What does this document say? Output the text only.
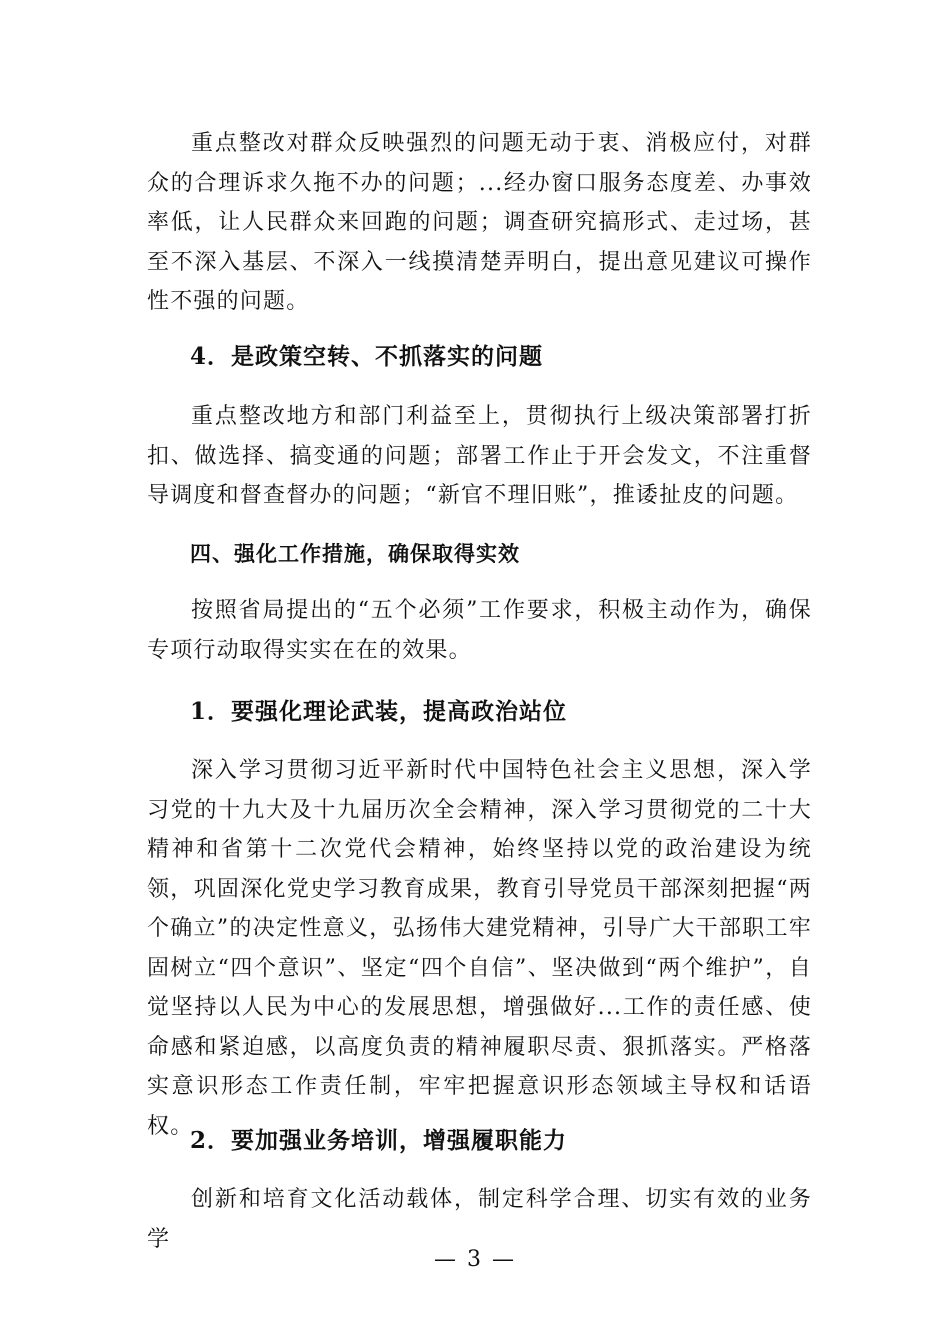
重点整改对群众反映强烈的问题无动于衷、消极应付，对群众的合理诉求久拖不办的问题；...经办窗口服务态度差、办事效率低，让人民群众来回跑的问题；调查研究搞形式、走过场，甚至不深入基层、不深入一线摸清楚弄明白，提出意见建议可操作性不强的问题。

4．是政策空转、不抓落实的问题

重点整改地方和部门利益至上，贯彻执行上级决策部署打折扣、做选择、搞变通的问题；部署工作止于开会发文，不注重督导调度和督查督办的问题；“新官不理旧账”，推诿扯皮的问题。

四、强化工作措施，确保取得实效

按照省局提出的“五个必须”工作要求，积极主动作为，确保专项行动取得实实在在的效果。

1．要强化理论武装，提高政治站位

深入学习贯彻习近平新时代中国特色社会主义思想，深入学习党的十九大及十九届历次全会精神，深入学习贯彻党的二十大精神和省第十二次党代会精神，始终坚持以党的政治建设为统领，巩固深化党史学习教育成果，教育引导党员干部深刻把握“两个确立”的决定性意义，弘扬伟大建党精神，引导广大干部职工牢固树立“四个意识”、坚定“四个自信”、坚决做到“两个维护”，自觉坚持以人民为中心的发展思想，增强做好...工作的责任感、使命感和紧迫感，以高度负责的精神履职尽责、狠抓落实。严格落实意识形态工作责任制，牢牢把握意识形态领域主导权和话语权。

2．要加强业务培训，增强履职能力

创新和培育文化活动载体，制定科学合理、切实有效的业务学

— 3 —
